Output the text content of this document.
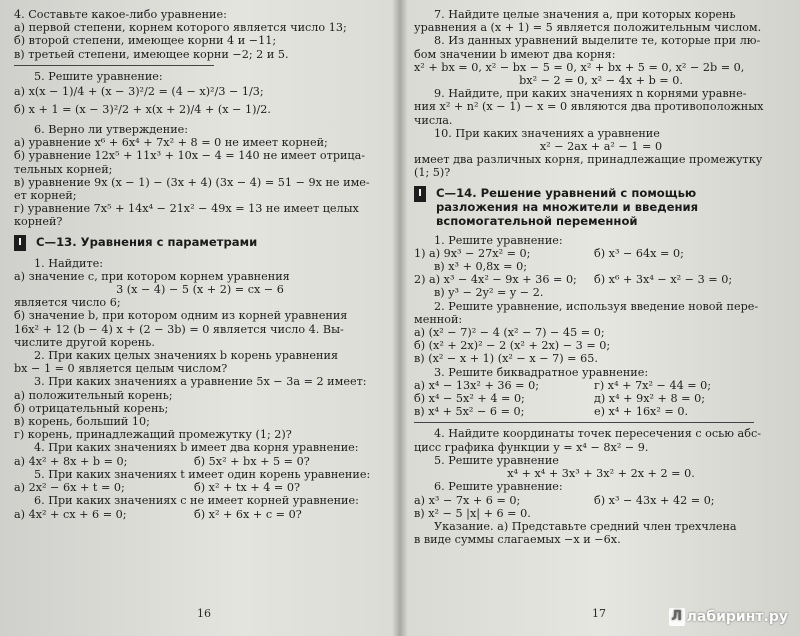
4. Составьте какое-либо уравнение:
а) первой степени, корнем которого является число 13;
б) второй степени, имеющее корни 4 и −11;
в) третьей степени, имеющее корни −2; 2 и 5.
5. Решите уравнение:
а) x(x − 1)/4 + (x − 3)²/2 = (4 − x)²/3 − 1/3;
б) x + 1 = (x − 3)²/2 + x(x + 2)/4 + (x − 1)/2.
6. Верно ли утверждение:
а) уравнение x⁶ + 6x⁴ + 7x² + 8 = 0 не имеет корней;
б) уравнение 12x⁵ + 11x³ + 10x − 4 = 140 не имеет отрица-
тельных корней;
в) уравнение 9x (x − 1) − (3x + 4) (3x − 4) = 51 − 9x не име-
ет корней;
г) уравнение 7x⁵ + 14x⁴ − 21x² − 49x = 13 не имеет целых
корней?
I	С—13. Уравнения с параметрами
1. Найдите:
а) значение c, при котором корнем уравнения
3 (x − 4) − 5 (x + 2) = cx − 6
является число 6;
б) значение b, при котором одним из корней уравнения
16x² + 12 (b − 4) x + (2 − 3b) = 0 является число 4. Вы-
числите другой корень.
2. При каких целых значениях b корень уравнения
bx − 1 = 0 является целым числом?
3. При каких значениях a уравнение 5x − 3a = 2 имеет:
а) положительный корень;
б) отрицательный корень;
в) корень, больший 10;
г) корень, принадлежащий промежутку (1; 2)?
4. При каких значениях b имеет два корня уравнение:
а) 4x² + 8x + b = 0;	б) 5x² + bx + 5 = 0?
5. При каких значениях t имеет один корень уравнение:
а) 2x² − 6x + t = 0;	б) x² + tx + 4 = 0?
6. При каких значениях c не имеет корней уравнение:
а) 4x² + cx + 6 = 0;	б) x² + 6x + c = 0?
16
7. Найдите целые значения a, при которых корень
уравнения a (x + 1) = 5 является положительным числом.
8. Из данных уравнений выделите те, которые при лю-
бом значении b имеют два корня:
x² + bx = 0, x² − bx − 5 = 0, x² + bx + 5 = 0, x² − 2b = 0,
bx² − 2 = 0, x² − 4x + b = 0.
9. Найдите, при каких значениях n корнями уравне-
ния x² + n² (x − 1) − x = 0 являются два противоположных
числа.
10. При каких значениях a уравнение
x² − 2ax + a² − 1 = 0
имеет два различных корня, принадлежащие промежутку
(1; 5)?
I	С—14. Решение уравнений с помощью
разложения на множители и введения
вспомогательной переменной
1. Решите уравнение:
1) а) 9x³ − 27x² = 0;	б) x³ − 64x = 0;
в) x³ + 0,8x = 0;
2) а) x³ − 4x² − 9x + 36 = 0;	б) x⁶ + 3x⁴ − x² − 3 = 0;
в) y³ − 2y² = y − 2.
2. Решите уравнение, используя введение новой пере-
менной:
а) (x² − 7)² − 4 (x² − 7) − 45 = 0;
б) (x² + 2x)² − 2 (x² + 2x) − 3 = 0;
в) (x² − x + 1) (x² − x − 7) = 65.
3. Решите биквадратное уравнение:
а) x⁴ − 13x² + 36 = 0;	г) x⁴ + 7x² − 44 = 0;
б) x⁴ − 5x² + 4 = 0;	д) x⁴ + 9x² + 8 = 0;
в) x⁴ + 5x² − 6 = 0;	е) x⁴ + 16x² = 0.
4. Найдите координаты точек пересечения с осью абс-
цисс графика функции y = x⁴ − 8x² − 9.
5. Решите уравнение
x⁴ + x⁴ + 3x³ + 3x² + 2x + 2 = 0.
6. Решите уравнение:
а) x³ − 7x + 6 = 0;	б) x³ − 43x + 42 = 0;
в) x² − 5 |x| + 6 = 0.
Указание. а) Представьте средний член трехчлена
в виде суммы слагаемых −x и −6x.
17	Л лабиринт.ру
